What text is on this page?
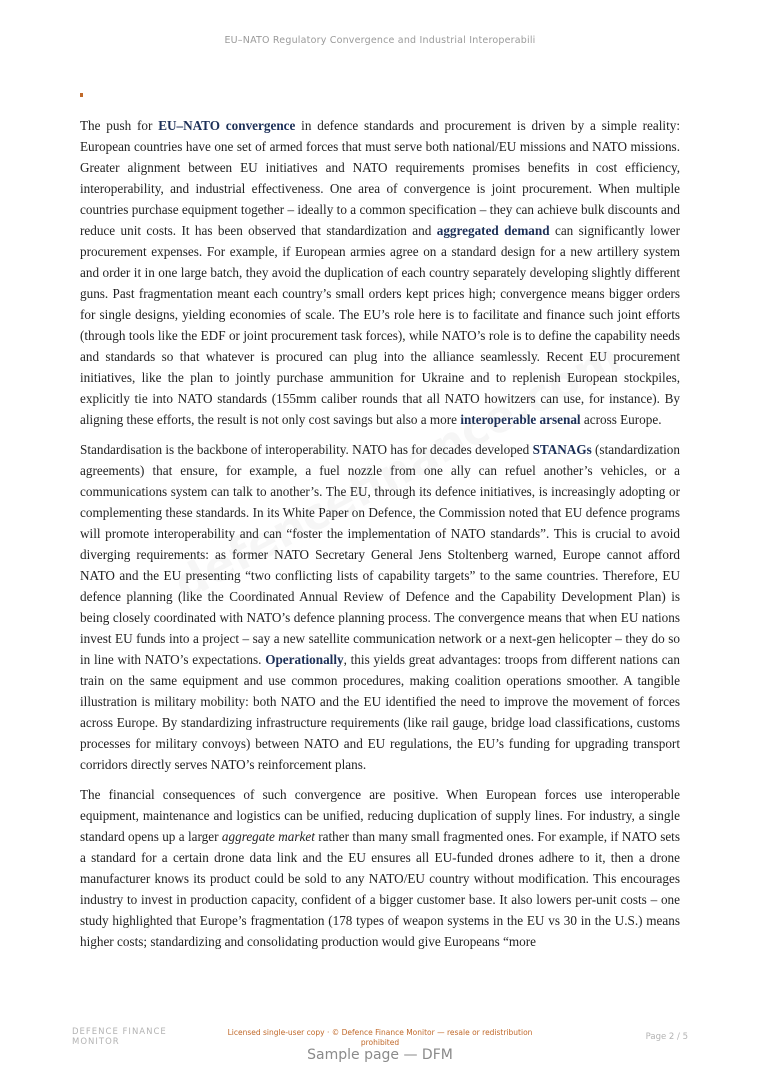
EU–NATO Regulatory Convergence and Industrial Interoperabili

The push for EU–NATO convergence in defence standards and procurement is driven by a simple reality: European countries have one set of armed forces that must serve both national/EU missions and NATO missions. Greater alignment between EU initiatives and NATO requirements promises benefits in cost efficiency, interoperability, and industrial effectiveness. One area of convergence is joint procurement. When multiple countries purchase equipment together – ideally to a common specification – they can achieve bulk discounts and reduce unit costs. It has been observed that standardization and aggregated demand can significantly lower procurement expenses. For example, if European armies agree on a standard design for a new artillery system and order it in one large batch, they avoid the duplication of each country separately developing slightly different guns. Past fragmentation meant each country’s small orders kept prices high; convergence means bigger orders for single designs, yielding economies of scale. The EU’s role here is to facilitate and finance such joint efforts (through tools like the EDF or joint procurement task forces), while NATO’s role is to define the capability needs and standards so that whatever is procured can plug into the alliance seamlessly. Recent EU procurement initiatives, like the plan to jointly purchase ammunition for Ukraine and to replenish European stockpiles, explicitly tie into NATO standards (155mm caliber rounds that all NATO howitzers can use, for instance). By aligning these efforts, the result is not only cost savings but also a more interoperable arsenal across Europe.

Standardisation is the backbone of interoperability. NATO has for decades developed STANAGs (standardization agreements) that ensure, for example, a fuel nozzle from one ally can refuel another’s vehicles, or a communications system can talk to another’s. The EU, through its defence initiatives, is increasingly adopting or complementing these standards. In its White Paper on Defence, the Commission noted that EU defence programs will promote interoperability and can “foster the implementation of NATO standards”. This is crucial to avoid diverging requirements: as former NATO Secretary General Jens Stoltenberg warned, Europe cannot afford NATO and the EU presenting “two conflicting lists of capability targets” to the same countries. Therefore, EU defence planning (like the Coordinated Annual Review of Defence and the Capability Development Plan) is being closely coordinated with NATO’s defence planning process. The convergence means that when EU nations invest EU funds into a project – say a new satellite communication network or a next-gen helicopter – they do so in line with NATO’s expectations. Operationally, this yields great advantages: troops from different nations can train on the same equipment and use common procedures, making coalition operations smoother. A tangible illustration is military mobility: both NATO and the EU identified the need to improve the movement of forces across Europe. By standardizing infrastructure requirements (like rail gauge, bridge load classifications, customs processes for military convoys) between NATO and EU regulations, the EU’s funding for upgrading transport corridors directly serves NATO’s reinforcement plans.

The financial consequences of such convergence are positive. When European forces use interoperable equipment, maintenance and logistics can be unified, reducing duplication of supply lines. For industry, a single standard opens up a larger aggregate market rather than many small fragmented ones. For example, if NATO sets a standard for a certain drone data link and the EU ensures all EU-funded drones adhere to it, then a drone manufacturer knows its product could be sold to any NATO/EU country without modification. This encourages industry to invest in production capacity, confident of a bigger customer base. It also lowers per-unit costs – one study highlighted that Europe’s fragmentation (178 types of weapon systems in the EU vs 30 in the U.S.) means higher costs; standardizing and consolidating production would give Europeans “more

DEFENCE FINANCE
MONITOR
Licensed single-user copy · © Defence Finance Monitor — resale or redistribution prohibited
Page 2 / 5
Sample page — DFM
